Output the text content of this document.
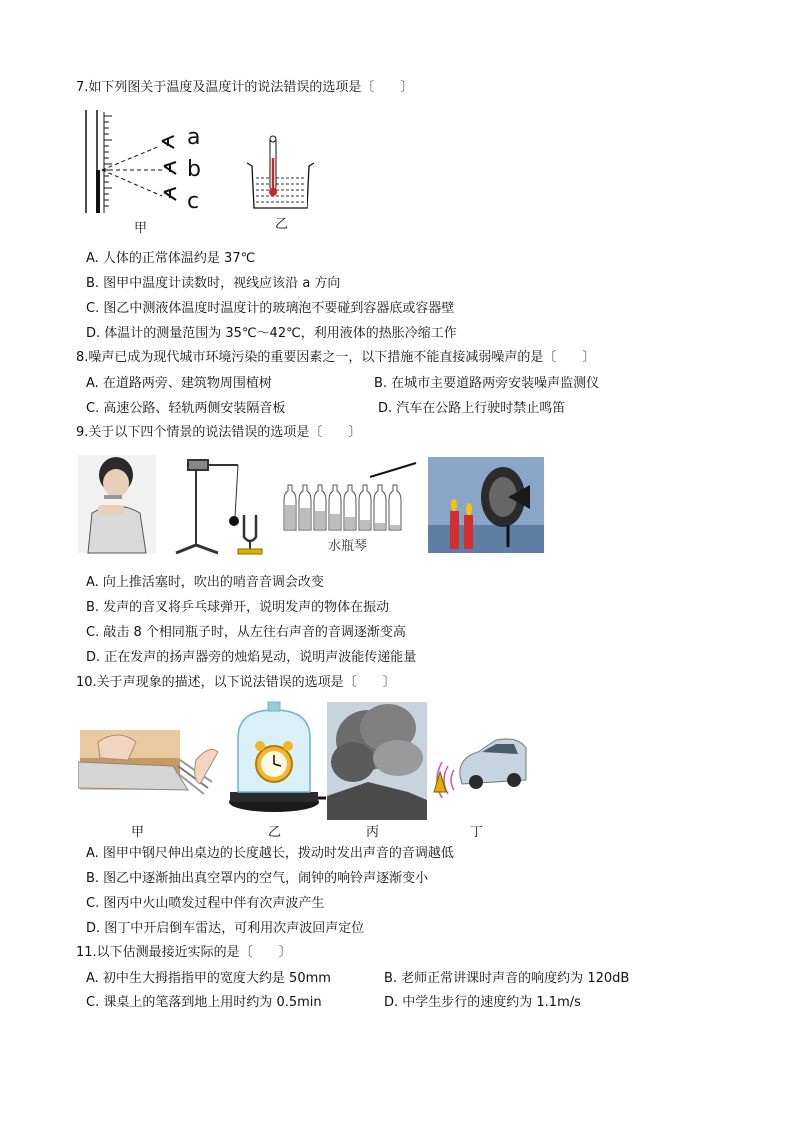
7.如下列图关于温度及温度计的说法错误的选项是〔　　〕
a
b
c
甲	乙
A. 人体的正常体温约是 37℃
B. 图甲中温度计读数时，视线应该沿 a 方向
C. 图乙中测液体温度时温度计的玻璃泡不要碰到容器底或容器壁
D. 体温计的测量范围为 35℃～42℃，利用液体的热胀冷缩工作
8.噪声已成为现代城市环境污染的重要因素之一，以下措施不能直接减弱噪声的是〔　　〕
A. 在道路两旁、建筑物周围植树	B. 在城市主要道路两旁安装噪声监测仪
C. 高速公路、轻轨两侧安装隔音板	D. 汽车在公路上行驶时禁止鸣笛
9.关于以下四个情景的说法错误的选项是〔　　〕
水瓶琴
A. 向上推活塞时，吹出的哨音音调会改变
B. 发声的音叉将乒乓球弹开，说明发声的物体在振动
C. 敲击 8 个相同瓶子时，从左往右声音的音调逐渐变高
D. 正在发声的扬声器旁的烛焰晃动，说明声波能传递能量
10.关于声现象的描述，以下说法错误的选项是〔　　〕
甲	乙	丙	丁
A. 图甲中钢尺伸出桌边的长度越长，拨动时发出声音的音调越低
B. 图乙中逐渐抽出真空罩内的空气，闹钟的响铃声逐渐变小
C. 图丙中火山喷发过程中伴有次声波产生
D. 图丁中开启倒车雷达，可利用次声波回声定位
11.以下估测最接近实际的是〔　　〕
A. 初中生大拇指指甲的宽度大约是 50mm	B. 老师正常讲课时声音的响度约为 120dB
C. 课桌上的笔落到地上用时约为 0.5min	D. 中学生步行的速度约为 1.1m/s
